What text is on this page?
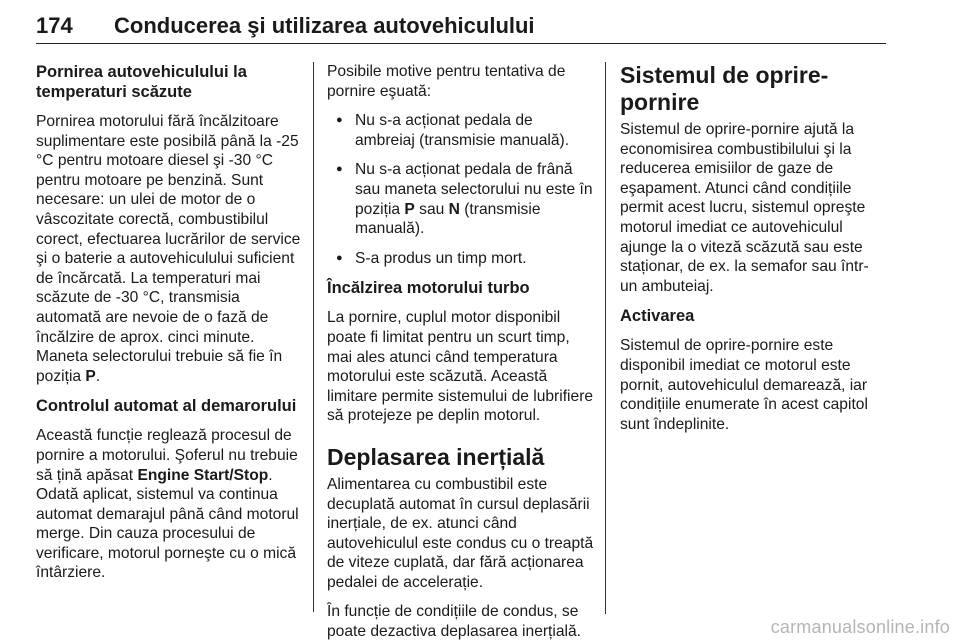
174	Conducerea şi utilizarea autovehiculului
Pornirea autovehiculului la temperaturi scăzute

Pornirea motorului fără încălzitoare suplimentare este posibilă până la -25 °C pentru motoare diesel şi -30 °C pentru motoare pe benzină. Sunt necesare: un ulei de motor de o vâscozitate corectă, combustibilul corect, efectuarea lucrărilor de service şi o baterie a autovehiculului suficient de încărcată. La temperaturi mai scăzute de -30 °C, transmisia automată are nevoie de o fază de încălzire de aprox. cinci minute. Maneta selectorului trebuie să fie în poziția P.

Controlul automat al demarorului

Această funcție reglează procesul de pornire a motorului. Şoferul nu trebuie să țină apăsat Engine Start/Stop. Odată aplicat, sistemul va continua automat demarajul până când motorul merge. Din cauza procesului de verificare, motorul porneşte cu o mică întârziere.

Posibile motive pentru tentativa de pornire eşuată:

● Nu s-a acționat pedala de ambreiaj (transmisie manuală).
● Nu s-a acționat pedala de frână sau maneta selectorului nu este în poziția P sau N (transmisie manuală).
● S-a produs un timp mort.
Încălzirea motorului turbo

La pornire, cuplul motor disponibil poate fi limitat pentru un scurt timp, mai ales atunci când temperatura motorului este scăzută. Această limitare permite sistemului de lubrifiere să protejeze pe deplin motorul.

Deplasarea inerțială

Alimentarea cu combustibil este decuplată automat în cursul deplasării inerțiale, de ex. atunci când autovehiculul este condus cu o treaptă de viteze cuplată, dar fără acționarea pedalei de accelerație.

În funcție de condițiile de condus, se poate dezactiva deplasarea inerțială.

Sistemul de oprire-pornire

Sistemul de oprire-pornire ajută la economisirea combustibilului şi la reducerea emisiilor de gaze de eşapament. Atunci când condițiile permit acest lucru, sistemul opreşte motorul imediat ce autovehiculul ajunge la o viteză scăzută sau este staționar, de ex. la semafor sau într-un ambuteiaj.

Activarea

Sistemul de oprire-pornire este disponibil imediat ce motorul este pornit, autovehiculul demarează, iar condițiile enumerate în acest capitol sunt îndeplinite.

carmanualsonline.info
